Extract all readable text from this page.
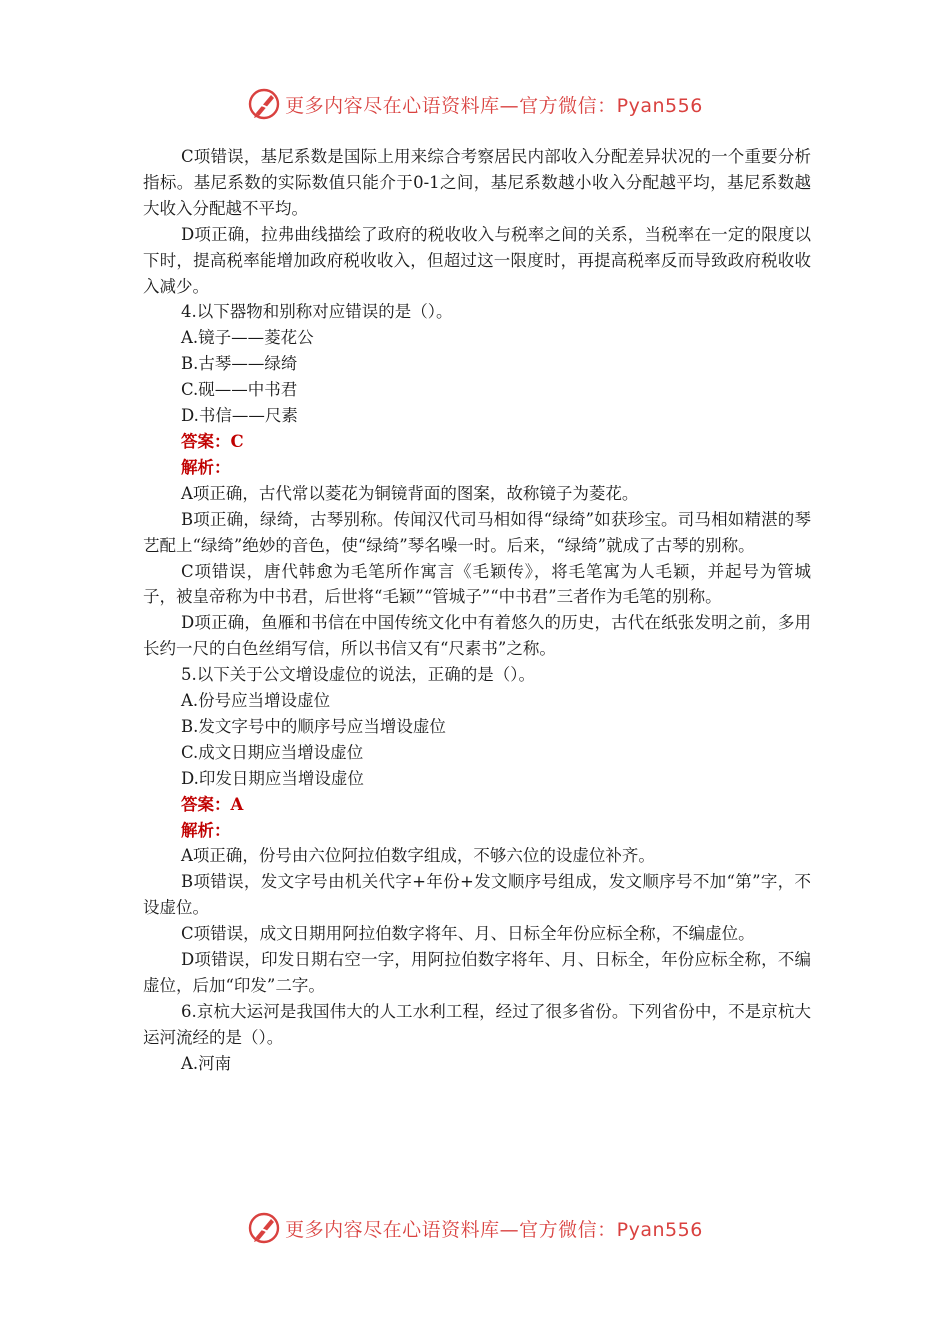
更多内容尽在心语资料库—官方微信：Pyan556

C项错误，基尼系数是国际上用来综合考察居民内部收入分配差异状况的一个重要分析指标。基尼系数的实际数值只能介于0-1之间，基尼系数越小收入分配越平均，基尼系数越大收入分配越不平均。

D项正确，拉弗曲线描绘了政府的税收收入与税率之间的关系，当税率在一定的限度以下时，提高税率能增加政府税收收入，但超过这一限度时，再提高税率反而导致政府税收收入减少。

4.以下器物和别称对应错误的是（）。

A.镜子——菱花公

B.古琴——绿绮

C.砚——中书君

D.书信——尺素

答案：C

解析：

A项正确，古代常以菱花为铜镜背面的图案，故称镜子为菱花。

B项正确，绿绮，古琴别称。传闻汉代司马相如得“绿绮”如获珍宝。司马相如精湛的琴艺配上“绿绮”绝妙的音色，使“绿绮”琴名噪一时。后来，“绿绮”就成了古琴的别称。

C项错误，唐代韩愈为毛笔所作寓言《毛颖传》，将毛笔寓为人毛颖，并起号为管城子，被皇帝称为中书君，后世将“毛颖”“管城子”“中书君”三者作为毛笔的别称。

D项正确，鱼雁和书信在中国传统文化中有着悠久的历史，古代在纸张发明之前，多用长约一尺的白色丝绢写信，所以书信又有“尺素书”之称。

5.以下关于公文增设虚位的说法，正确的是（）。

A.份号应当增设虚位

B.发文字号中的顺序号应当增设虚位

C.成文日期应当增设虚位

D.印发日期应当增设虚位

答案：A

解析：

A项正确，份号由六位阿拉伯数字组成，不够六位的设虚位补齐。

B项错误，发文字号由机关代字+年份+发文顺序号组成，发文顺序号不加“第”字，不设虚位。

C项错误，成文日期用阿拉伯数字将年、月、日标全年份应标全称，不编虚位。

D项错误，印发日期右空一字，用阿拉伯数字将年、月、日标全，年份应标全称，不编虚位，后加“印发”二字。

6.京杭大运河是我国伟大的人工水利工程，经过了很多省份。下列省份中，不是京杭大运河流经的是（）。

A.河南

更多内容尽在心语资料库—官方微信：Pyan556
